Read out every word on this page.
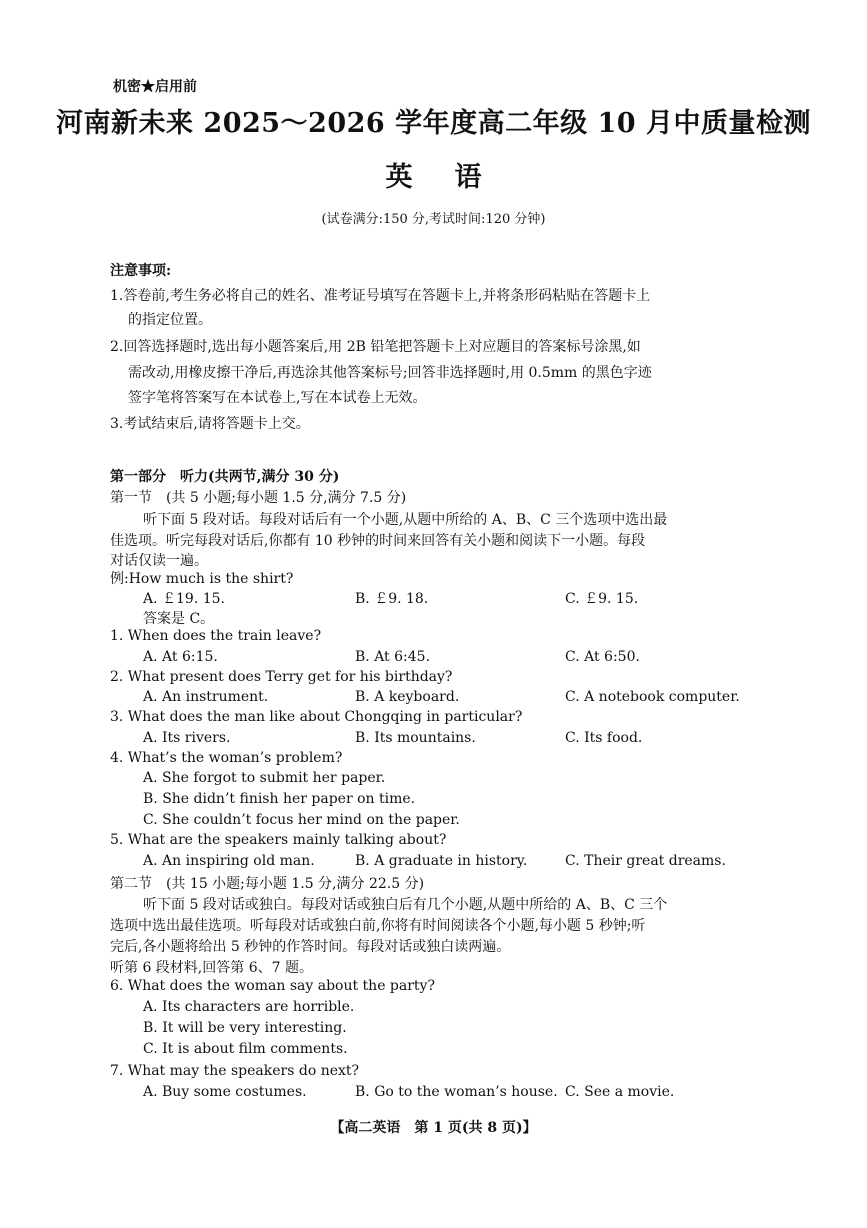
机密★启用前
河南新未来 2025～2026 学年度高二年级 10 月中质量检测
英语
(试卷满分:150 分,考试时间:120 分钟)
注意事项:
1.答卷前,考生务必将自己的姓名、准考证号填写在答题卡上,并将条形码粘贴在答题卡上
的指定位置。
2.回答选择题时,选出每小题答案后,用 2B 铅笔把答题卡上对应题目的答案标号涂黑,如
需改动,用橡皮擦干净后,再选涂其他答案标号;回答非选择题时,用 0.5mm 的黑色字迹
签字笔将答案写在本试卷上,写在本试卷上无效。
3.考试结束后,请将答题卡上交。
第一部分　听力(共两节,满分 30 分)
第一节　(共 5 小题;每小题 1.5 分,满分 7.5 分)
听下面 5 段对话。每段对话后有一个小题,从题中所给的 A、B、C 三个选项中选出最
佳选项。听完每段对话后,你都有 10 秒钟的时间来回答有关小题和阅读下一小题。每段
对话仅读一遍。
例:How much is the shirt?
A. ￡19. 15.	B. ￡9. 18.	C. ￡9. 15.
答案是 C。
1. When does the train leave?
A. At 6:15.	B. At 6:45.	C. At 6:50.
2. What present does Terry get for his birthday?
A. An instrument.	B. A keyboard.	C. A notebook computer.
3. What does the man like about Chongqing in particular?
A. Its rivers.	B. Its mountains.	C. Its food.
4. What’s the woman’s problem?
A. She forgot to submit her paper.
B. She didn’t finish her paper on time.
C. She couldn’t focus her mind on the paper.
5. What are the speakers mainly talking about?
A. An inspiring old man.	B. A graduate in history.	C. Their great dreams.
第二节　(共 15 小题;每小题 1.5 分,满分 22.5 分)
听下面 5 段对话或独白。每段对话或独白后有几个小题,从题中所给的 A、B、C 三个
选项中选出最佳选项。听每段对话或独白前,你将有时间阅读各个小题,每小题 5 秒钟;听
完后,各小题将给出 5 秒钟的作答时间。每段对话或独白读两遍。
听第 6 段材料,回答第 6、7 题。
6. What does the woman say about the party?
A. Its characters are horrible.
B. It will be very interesting.
C. It is about film comments.
7. What may the speakers do next?
A. Buy some costumes.	B. Go to the woman’s house. C. See a movie.
【高二英语　第 1 页(共 8 页)】
